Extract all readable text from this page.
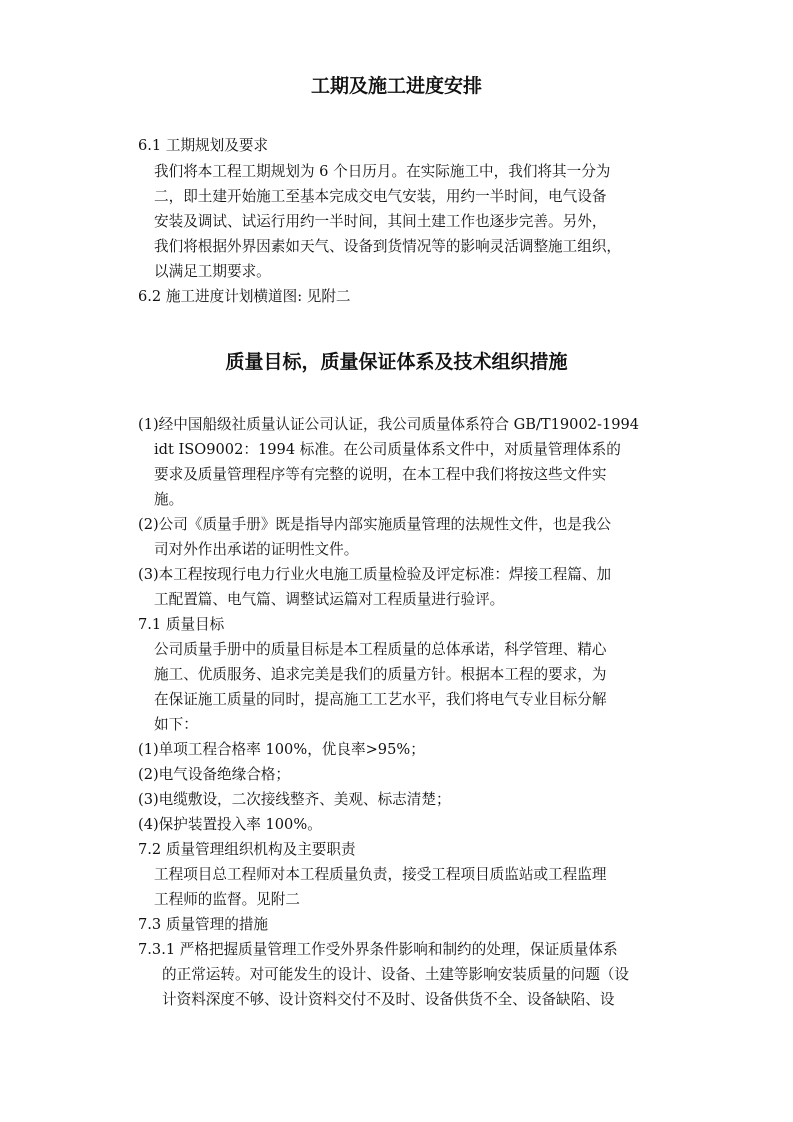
工期及施工进度安排
6.1 工期规划及要求
我们将本工程工期规划为 6 个日历月。在实际施工中，我们将其一分为
二，即土建开始施工至基本完成交电气安装，用约一半时间，电气设备
安装及调试、试运行用约一半时间，其间土建工作也逐步完善。另外，
我们将根据外界因素如天气、设备到货情况等的影响灵活调整施工组织，
以满足工期要求。
6.2 施工进度计划横道图: 见附二
质量目标，质量保证体系及技术组织措施
(1)经中国船级社质量认证公司认证，我公司质量体系符合 GB/T19002-1994
idt ISO9002：1994 标准。在公司质量体系文件中，对质量管理体系的
要求及质量管理程序等有完整的说明，在本工程中我们将按这些文件实
施。
(2)公司《质量手册》既是指导内部实施质量管理的法规性文件，也是我公
司对外作出承诺的证明性文件。
(3)本工程按现行电力行业火电施工质量检验及评定标准：焊接工程篇、加
工配置篇、电气篇、调整试运篇对工程质量进行验评。
7.1 质量目标
公司质量手册中的质量目标是本工程质量的总体承诺，科学管理、精心
施工、优质服务、追求完美是我们的质量方针。根据本工程的要求，为
在保证施工质量的同时，提高施工工艺水平，我们将电气专业目标分解
如下：
(1)单项工程合格率 100%，优良率>95%；
(2)电气设备绝缘合格；
(3)电缆敷设，二次接线整齐、美观、标志清楚；
(4)保护装置投入率 100%。
7.2 质量管理组织机构及主要职责
工程项目总工程师对本工程质量负责，接受工程项目质监站或工程监理
工程师的监督。见附二
7.3 质量管理的措施
7.3.1 严格把握质量管理工作受外界条件影响和制约的处理，保证质量体系
的正常运转。对可能发生的设计、设备、土建等影响安装质量的问题（设
计资料深度不够、设计资料交付不及时、设备供货不全、设备缺陷、设
